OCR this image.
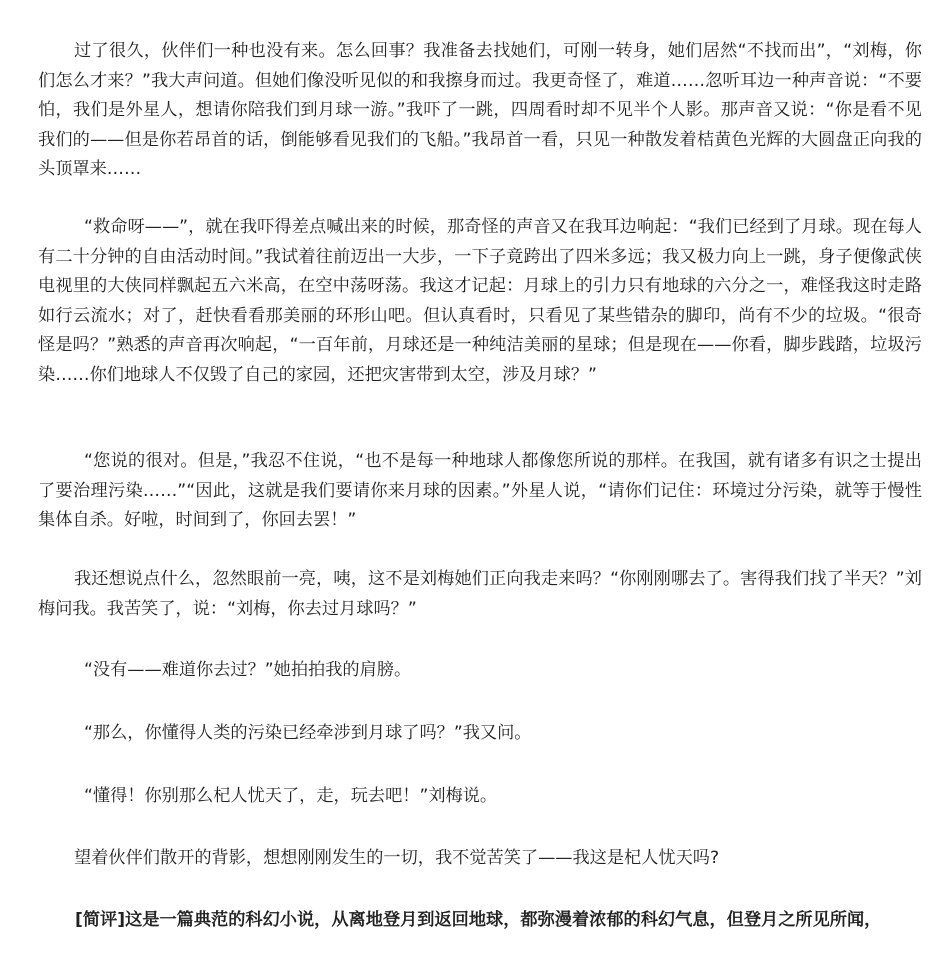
过了很久，伙伴们一种也没有来。怎么回事？我准备去找她们，可刚一转身，她们居然“不找而出”，“刘梅，你们怎么才来？”我大声问道。但她们像没听见似的和我擦身而过。我更奇怪了，难道……忽听耳边一种声音说：“不要怕，我们是外星人，想请你陪我们到月球一游。”我吓了一跳，四周看时却不见半个人影。那声音又说：“你是看不见我们的——但是你若昂首的话，倒能够看见我们的飞船。”我昂首一看，只见一种散发着桔黄色光辉的大圆盘正向我的头顶罩来……

“救命呀——”，就在我吓得差点喊出来的时候，那奇怪的声音又在我耳边响起：“我们已经到了月球。现在每人有二十分钟的自由活动时间。”我试着往前迈出一大步，一下子竟跨出了四米多远；我又极力向上一跳，身子便像武侠电视里的大侠同样飘起五六米高，在空中荡呀荡。我这才记起：月球上的引力只有地球的六分之一，难怪我这时走路如行云流水；对了，赶快看看那美丽的环形山吧。但认真看时，只看见了某些错杂的脚印，尚有不少的垃圾。“很奇怪是吗？”熟悉的声音再次响起，“一百年前，月球还是一种纯洁美丽的星球；但是现在——你看，脚步践踏，垃圾污染……你们地球人不仅毁了自己的家园，还把灾害带到太空，涉及月球？”

“您说的很对。但是，”我忍不住说，“也不是每一种地球人都像您所说的那样。在我国，就有诸多有识之士提出了要治理污染……”“因此，这就是我们要请你来月球的因素。”外星人说，“请你们记住：环境过分污染，就等于慢性集体自杀。好啦，时间到了，你回去罢！”

我还想说点什么，忽然眼前一亮，咦，这不是刘梅她们正向我走来吗？“你刚刚哪去了。害得我们找了半天？”刘梅问我。我苦笑了，说：“刘梅，你去过月球吗？”

“没有——难道你去过？”她拍拍我的肩膀。

“那么，你懂得人类的污染已经牵涉到月球了吗？”我又问。

“懂得！你别那么杞人忧天了，走，玩去吧！”刘梅说。

望着伙伴们散开的背影，想想刚刚发生的一切，我不觉苦笑了——我这是杞人忧天吗?

[简评]这是一篇典范的科幻小说，从离地登月到返回地球，都弥漫着浓郁的科幻气息，但登月之所见所闻，
